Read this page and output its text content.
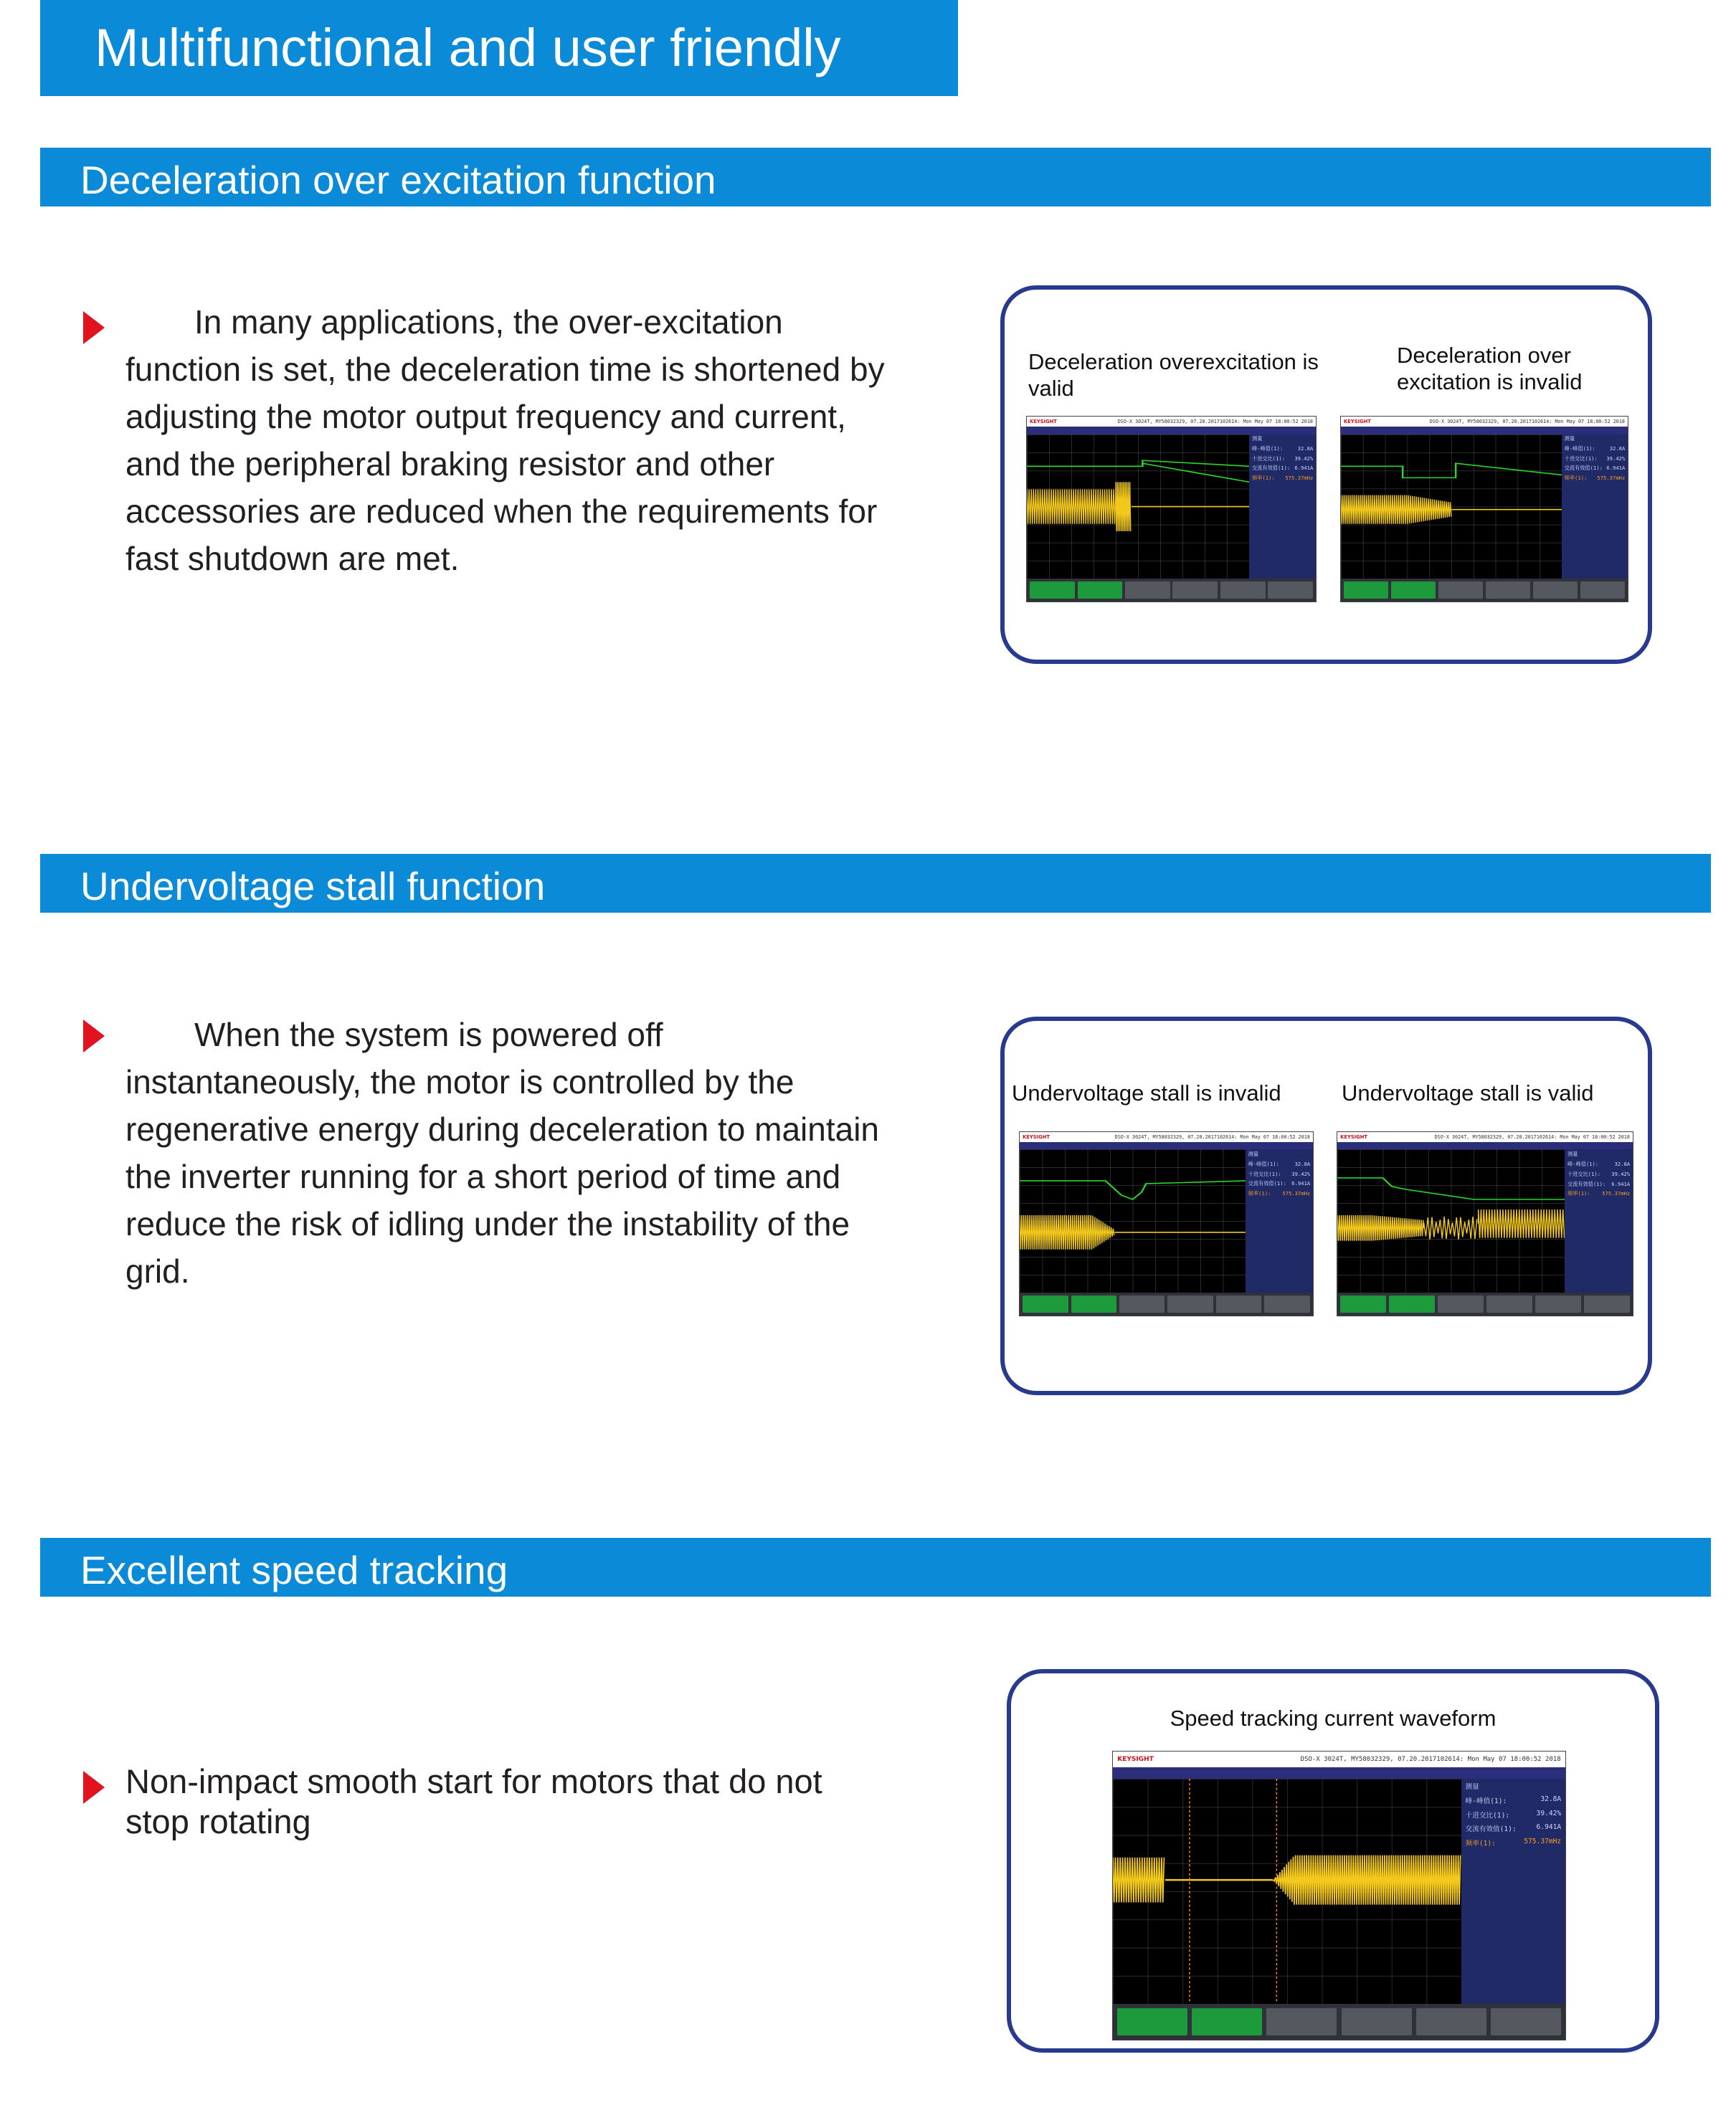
Multifunctional and user friendly
Deceleration over excitation function
In many applications, the over-excitation function is set, the deceleration time is shortened by adjusting the motor output frequency and current, and the peripheral braking resistor and other accessories are reduced when the requirements for fast shutdown are met.
Deceleration overexcitation is valid
Deceleration over excitation is invalid
KEYSIGHT	DSO-X 3024T, MY58032329, 07.20.2017102614: Mon May 07 18:00:52 2018
测量
峰-峰值(1):	32.8A
十进交比(1): 39.42%
交流有效值(1): 6.941A
频率(1): 575.37mHz
KEYSIGHT	DSO-X 3024T, MY58032329, 07.20.2017102614: Mon May 07 18:00:52 2018
测量
峰-峰值(1):	32.8A
十进交比(1): 39.42%
交流有效值(1): 6.941A
频率(1): 575.37mHz
Undervoltage stall function
When the system is powered off instantaneously, the motor is controlled by the regenerative energy during deceleration to maintain the inverter running for a short period of time and reduce the risk of idling under the instability of the grid.
Undervoltage stall is invalid	Undervoltage stall is valid
KEYSIGHT	DSO-X 3024T, MY58032329, 07.20.2017102614: Mon May 07 18:00:52 2018
测量
峰-峰值(1):	32.8A
十进交比(1): 39.42%
交流有效值(1): 6.941A
频率(1): 575.37mHz
KEYSIGHT	DSO-X 3024T, MY58032329, 07.20.2017102614: Mon May 07 18:00:52 2018
测量
峰-峰值(1):	32.8A
十进交比(1): 39.42%
交流有效值(1): 6.941A
频率(1): 575.37mHz
Excellent speed tracking
Non-impact smooth start for motors that do not stop rotating
Speed tracking current waveform
KEYSIGHT	DSO-X 3024T, MY58032329, 07.20.2017102614: Mon May 07 18:00:52 2018
测量
峰-峰值(1):	32.8A
十进交比(1):	39.42%
交流有效值(1):	6.941A
频率(1):	575.37mHz
